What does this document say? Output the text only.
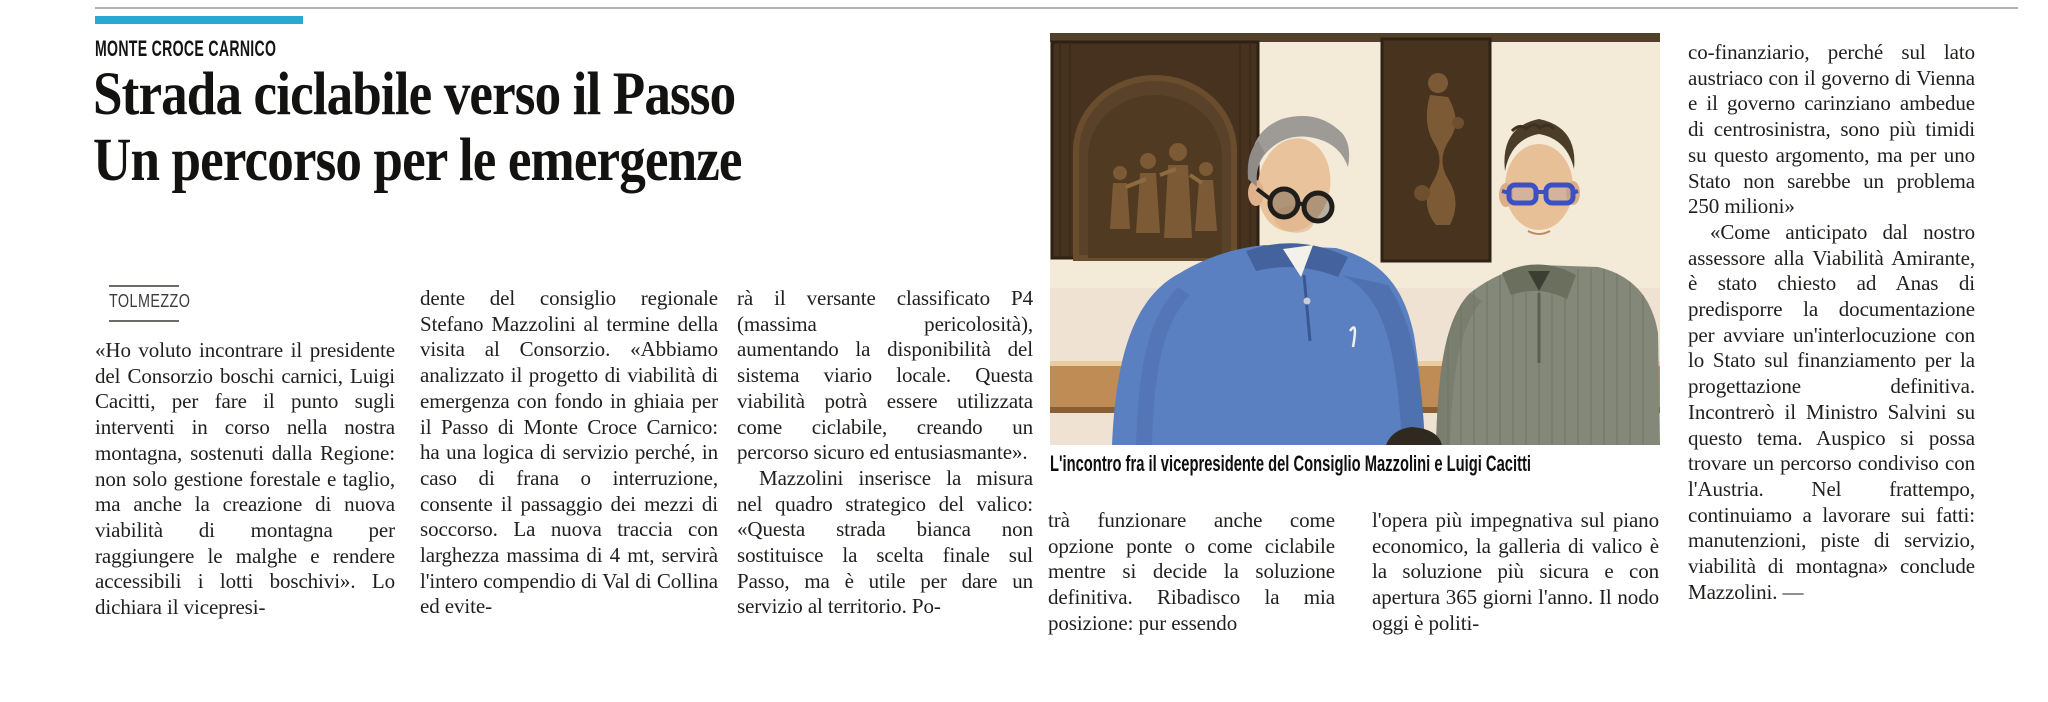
MONTE CROCE CARNICO
Strada ciclabile verso il Passo
Un percorso per le emergenze
TOLMEZZO

«Ho voluto incontrare il presidente del Consorzio boschi carnici, Luigi Cacitti, per fare il punto sugli interventi in corso nella nostra montagna, sostenuti dalla Regione: non solo gestione forestale e taglio, ma anche la creazione di nuova viabilità di montagna per raggiungere le malghe e rendere accessibili i lotti boschivi». Lo dichiara il vicepresi-

dente del consiglio regionale Stefano Mazzolini al termine della visita al Consorzio. «Abbiamo analizzato il progetto di viabilità di emergenza con fondo in ghiaia per il Passo di Monte Croce Carnico: ha una logica di servizio perché, in caso di frana o interruzione, consente il passaggio dei mezzi di soccorso. La nuova traccia con larghezza massima di 4 mt, servirà l'intero compendio di Val di Collina ed evite-

rà il versante classificato P4 (massima pericolosità), aumentando la disponibilità del sistema viario locale. Questa viabilità potrà essere utilizzata come ciclabile, creando un percorso sicuro ed entusiasmante».

Mazzolini inserisce la misura nel quadro strategico del valico: «Questa strada bianca non sostituisce la scelta finale sul Passo, ma è utile per dare un servizio al territorio. Po-

trà funzionare anche come opzione ponte o come ciclabile mentre si decide la soluzione definitiva. Ribadisco la mia posizione: pur essendo

l'opera più impegnativa sul piano economico, la galleria di valico è la soluzione più sicura e con apertura 365 giorni l'anno. Il nodo oggi è politi-

co-finanziario, perché sul lato austriaco con il governo di Vienna e il governo carinziano ambedue di centrosinistra, sono più timidi su questo argomento, ma per uno Stato non sarebbe un problema 250 milioni»

«Come anticipato dal nostro assessore alla Viabilità Amirante, è stato chiesto ad Anas di predisporre la documentazione per avviare un'interlocuzione con lo Stato sul finanziamento per la progettazione definitiva. Incontrerò il Ministro Salvini su questo tema. Auspico si possa trovare un percorso condiviso con l'Austria. Nel frattempo, continuiamo a lavorare sui fatti: manutenzioni, piste di servizio, viabilità di montagna» conclude Mazzolini. —

L'incontro fra il vicepresidente del Consiglio Mazzolini e Luigi Cacitti
